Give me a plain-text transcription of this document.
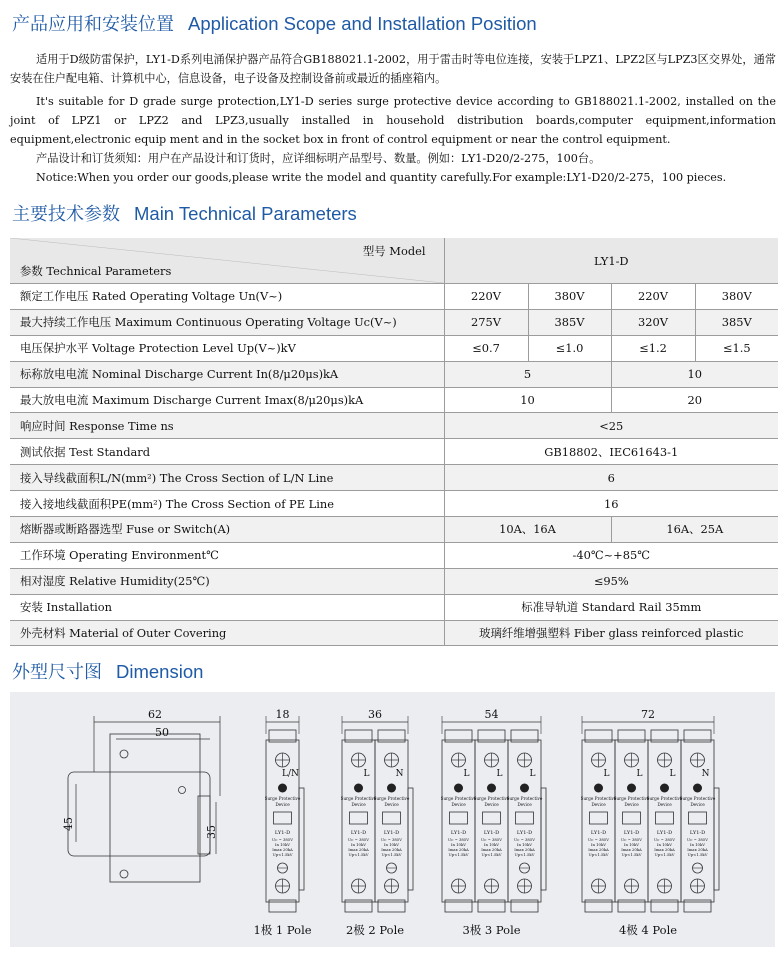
产品应用和安装位置 Application Scope and Installation Position

适用于D级防雷保护，LY1-D系列电涌保护器产品符合GB188021.1-2002，用于雷击时等电位连接，安装于LPZ1、LPZ2区与LPZ3区交界处，通常安装在住户配电箱、计算机中心，信息设备，电子设备及控制设备前或最近的插座箱内。

It's suitable for D grade surge protection,LY1-D series surge protective device according to GB188021.1-2002, installed on the joint of LPZ1 or LPZ2 and LPZ3,usually installed in household distribution boards,computer equipment,information equipment,electronic equip ment and in the socket box in front of control equipment or near the control equipment.

产品设计和订货须知：用户在产品设计和订货时，应详细标明产品型号、数量。例如：LY1-D20/2-275，100台。

Notice:When you order our goods,please write the model and quantity carefully.For example:LY1-D20/2-275，100 pieces.

主要技术参数 Main Technical Parameters
型号 Model
参数 Technical Parameters	LY1-D			
额定工作电压 Rated Operating Voltage Un(V~)	220V	380V	220V	380V
最大持续工作电压 Maximum Continuous Operating Voltage Uc(V~)	275V	385V	320V	385V
电压保护水平 Voltage Protection Level Up(V~)kV	≤0.7	≤1.0	≤1.2	≤1.5
标称放电电流 Nominal Discharge Current In(8/μ20μs)kA	5		10	
最大放电电流 Maximum Discharge Current Imax(8/μ20μs)kA	10		20	
响应时间 Response Time ns	<25			
测试依据 Test Standard	GB18802、IEC61643-1			
接入导线截面积L/N(mm²) The Cross Section of L/N Line	6			
接入接地线截面积PE(mm²) The Cross Section of PE Line	16			
熔断器或断路器选型 Fuse or Switch(A)	10A、16A		16A、25A	
工作环境 Operating Environment℃	-40℃~+85℃			
相对湿度 Relative Humidity(25℃)	≤95%			
安装 Installation	标准导轨道 Standard Rail 35mm			
外壳材料 Material of Outer Covering	玻璃纤维增强塑料 Fiber glass reinforced plastic			
外型尺寸图 Dimension
62
50
45
35
18
L/N
Surge Protective
Device
LY1-D
Uc ~ 385V
In 10kV
Imax 20kA
Up<1.5kV
1极 1 Pole
36
L
Surge Protective
Device
LY1-D
Uc ~ 385V
In 10kV
Imax 20kA
Up<1.5kV
N
Surge Protective
Device
LY1-D
Uc ~ 385V
In 10kV
Imax 20kA
Up<1.5kV
2极 2 Pole
54
L
Surge Protective
Device
LY1-D
Uc ~ 385V
In 10kV
Imax 20kA
Up<1.5kV
L
Surge Protective
Device
LY1-D
Uc ~ 385V
In 10kV
Imax 20kA
Up<1.5kV
L
Surge Protective
Device
LY1-D
Uc ~ 385V
In 10kV
Imax 20kA
Up<1.5kV
3极 3 Pole
72
L
Surge Protective
Device
LY1-D
Uc ~ 385V
In 10kV
Imax 20kA
Up<1.5kV
L
Surge Protective
Device
LY1-D
Uc ~ 385V
In 10kV
Imax 20kA
Up<1.5kV
L
Surge Protective
Device
LY1-D
Uc ~ 385V
In 10kV
Imax 20kA
Up<1.5kV
N
Surge Protective
Device
LY1-D
Uc ~ 385V
In 10kV
Imax 20kA
Up<1.5kV
4极 4 Pole
